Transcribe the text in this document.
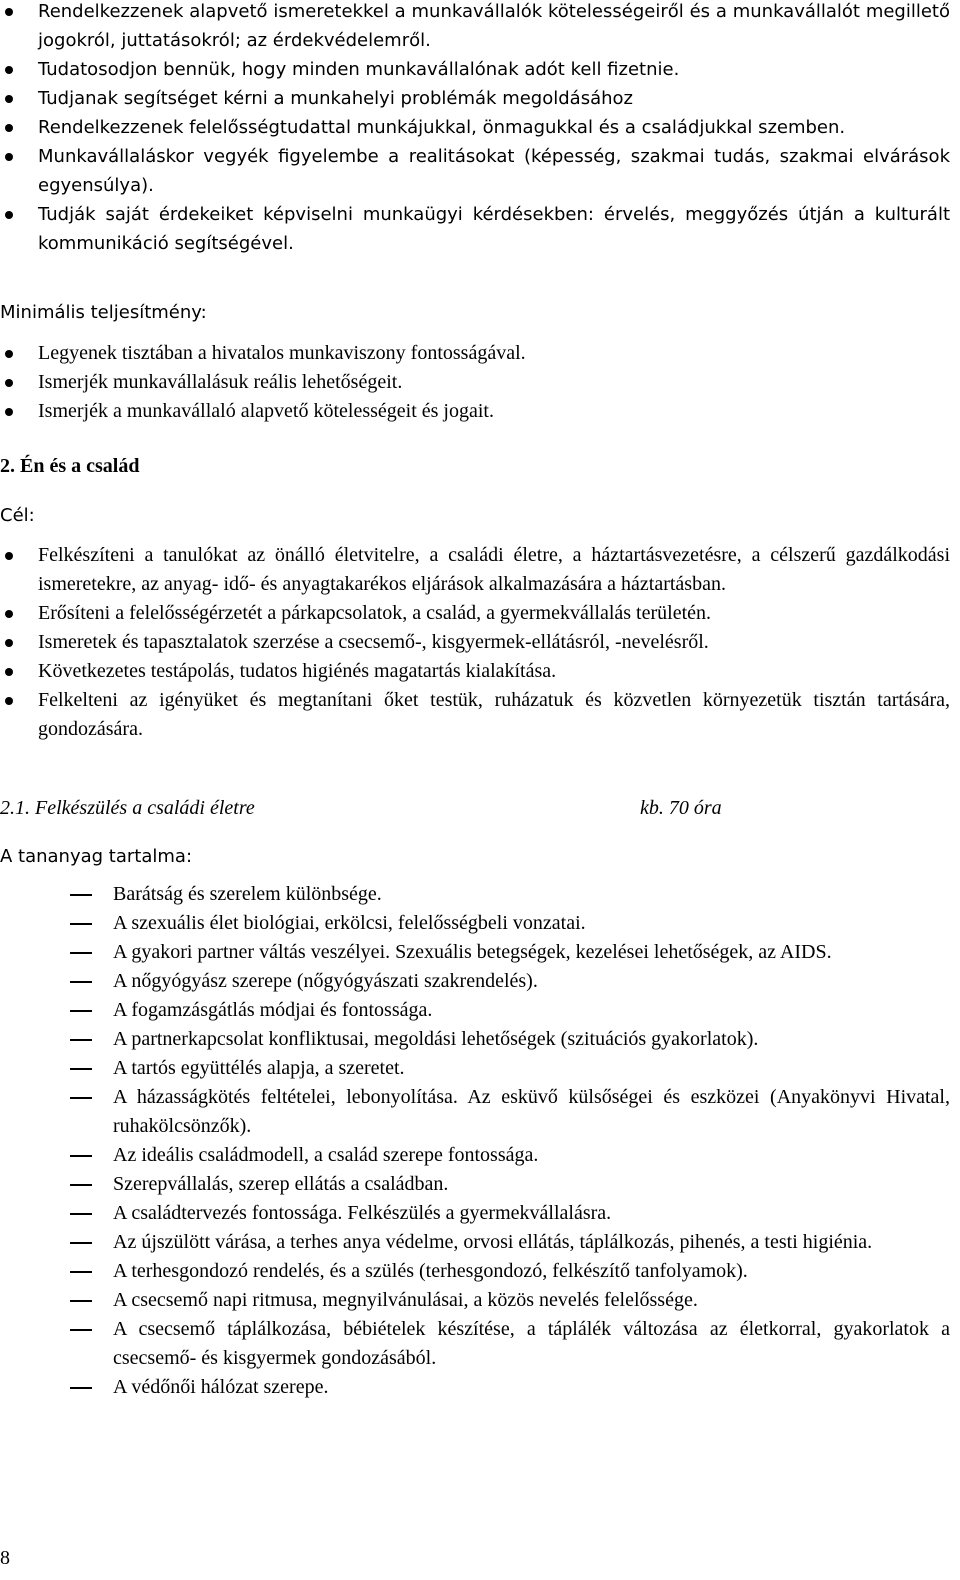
Rendelkezzenek alapvető ismeretekkel a munkavállalók kötelességeiről és a munkavállalót megillető jogokról, juttatásokról; az érdekvédelemről.
Tudatosodjon bennük, hogy minden munkavállalónak adót kell fizetnie.
Tudjanak segítséget kérni a munkahelyi problémák megoldásához
Rendelkezzenek felelősségtudattal munkájukkal, önmagukkal és a családjukkal szemben.
Munkavállaláskor vegyék figyelembe a realitásokat (képesség, szakmai tudás, szakmai elvárások egyensúlya).
Tudják saját érdekeiket képviselni munkaügyi kérdésekben: érvelés, meggyőzés útján a kulturált kommunikáció segítségével.
Minimális teljesítmény:
Legyenek tisztában a hivatalos munkaviszony fontosságával.
Ismerjék munkavállalásuk reális lehetőségeit.
Ismerjék a munkavállaló alapvető kötelességeit és jogait.
2. Én és a család
Cél:
Felkészíteni a tanulókat az önálló életvitelre, a családi életre, a háztartásvezetésre, a célszerű gazdálkodási ismeretekre, az anyag- idő- és anyagtakarékos eljárások alkalmazására a háztartásban.
Erősíteni a felelősségérzetét a párkapcsolatok, a család, a gyermekvállalás területén.
Ismeretek és tapasztalatok szerzése a csecsemő-, kisgyermek-ellátásról, -nevelésről.
Következetes testápolás, tudatos higiénés magatartás kialakítása.
Felkelteni az igényüket és megtanítani őket testük, ruházatuk és közvetlen környezetük tisztán tartására, gondozására.
2.1. Felkészülés a családi életre	kb. 70 óra
A tananyag tartalma:
Barátság és szerelem különbsége.
A szexuális élet biológiai, erkölcsi, felelősségbeli vonzatai.
A gyakori partner váltás veszélyei. Szexuális betegségek, kezelései lehetőségek, az AIDS.
A nőgyógyász szerepe (nőgyógyászati szakrendelés).
A fogamzásgátlás módjai és fontossága.
A partnerkapcsolat konfliktusai, megoldási lehetőségek (szituációs gyakorlatok).
A tartós együttélés alapja, a szeretet.
A házasságkötés feltételei, lebonyolítása. Az esküvő külsőségei és eszközei (Anyakönyvi Hivatal, ruhakölcsönzők).
Az ideális családmodell, a család szerepe fontossága.
Szerepvállalás, szerep ellátás a családban.
A családtervezés fontossága. Felkészülés a gyermekvállalásra.
Az újszülött várása, a terhes anya védelme, orvosi ellátás, táplálkozás, pihenés, a testi higiénia.
A terhesgondozó rendelés, és a szülés (terhesgondozó, felkészítő tanfolyamok).
A csecsemő napi ritmusa, megnyilvánulásai, a közös nevelés felelőssége.
A csecsemő táplálkozása, bébiételek készítése, a táplálék változása az életkorral, gyakorlatok a csecsemő- és kisgyermek gondozásából.
A védőnői hálózat szerepe.
8
